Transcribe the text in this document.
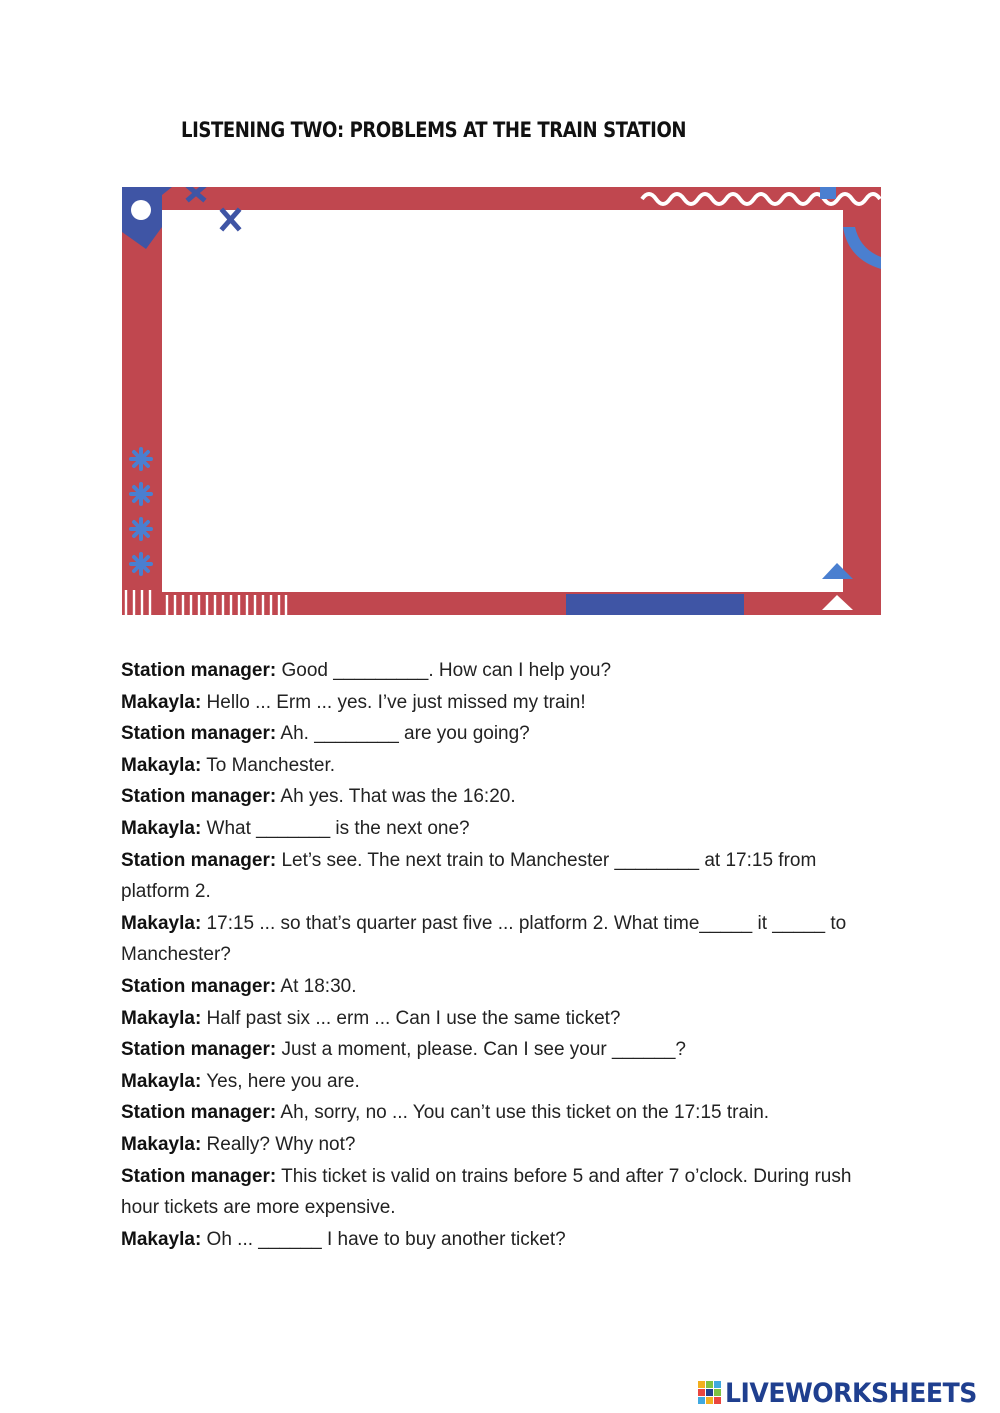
LISTENING TWO: PROBLEMS AT THE TRAIN STATION

Station manager: Good _________. How can I help you?

Makayla: Hello ... Erm ... yes. I’ve just missed my train!

Station manager: Ah. ________ are you going?

Makayla: To Manchester.

Station manager: Ah yes. That was the 16:20.

Makayla: What _______ is the next one?

Station manager: Let’s see. The next train to Manchester ________ at 17:15 from platform 2.

Makayla: 17:15 ... so that’s quarter past five ... platform 2. What time_____ it _____ to Manchester?

Station manager: At 18:30.

Makayla: Half past six ... erm ... Can I use the same ticket?

Station manager: Just a moment, please. Can I see your ______?

Makayla: Yes, here you are.

Station manager: Ah, sorry, no ... You can’t use this ticket on the 17:15 train.

Makayla: Really? Why not?

Station manager: This ticket is valid on trains before 5 and after 7 o’clock. During rush hour tickets are more expensive.

Makayla: Oh ... ______ I have to buy another ticket?

LIVEWORKSHEETS
